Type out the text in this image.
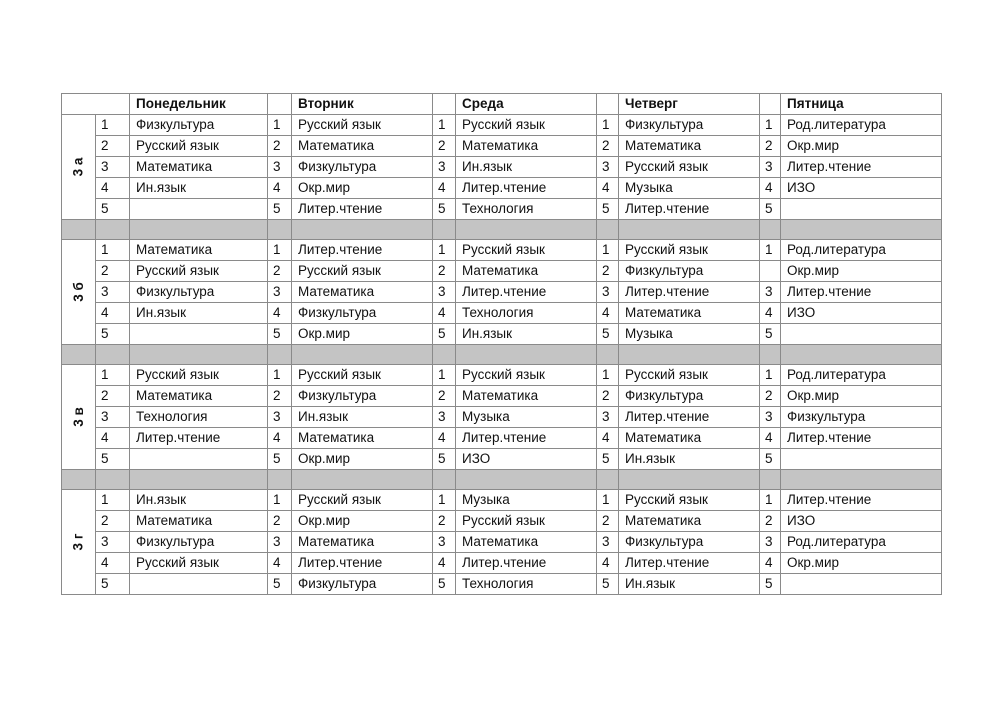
		Понедельник		Вторник		Среда		Четверг		Пятница
3 а	1	Физкультура	1	Русский язык	1	Русский язык	1	Физкультура	1	Род.литература
	2	Русский язык	2	Математика	2	Математика	2	Математика	2	Окр.мир
	3	Математика	3	Физкультура	3	Ин.язык	3	Русский язык	3	Литер.чтение
	4	Ин.язык	4	Окр.мир	4	Литер.чтение	4	Музыка	4	ИЗО
	5		5	Литер.чтение	5	Технология	5	Литер.чтение	5	

3 б	1	Математика	1	Литер.чтение	1	Русский язык	1	Русский язык	1	Род.литература
	2	Русский язык	2	Русский язык	2	Математика	2	Физкультура		Окр.мир
	3	Физкультура	3	Математика	3	Литер.чтение	3	Литер.чтение	3	Литер.чтение
	4	Ин.язык	4	Физкультура	4	Технология	4	Математика	4	ИЗО
	5		5	Окр.мир	5	Ин.язык	5	Музыка	5	

3 в	1	Русский язык	1	Русский язык	1	Русский язык	1	Русский язык	1	Род.литература
	2	Математика	2	Физкультура	2	Математика	2	Физкультура	2	Окр.мир
	3	Технология	3	Ин.язык	3	Музыка	3	Литер.чтение	3	Физкультура
	4	Литер.чтение	4	Математика	4	Литер.чтение	4	Математика	4	Литер.чтение
	5		5	Окр.мир	5	ИЗО	5	Ин.язык	5	

3 г	1	Ин.язык	1	Русский язык	1	Музыка	1	Русский язык	1	Литер.чтение
	2	Математика	2	Окр.мир	2	Русский язык	2	Математика	2	ИЗО
	3	Физкультура	3	Математика	3	Математика	3	Физкультура	3	Род.литература
	4	Русский язык	4	Литер.чтение	4	Литер.чтение	4	Литер.чтение	4	Окр.мир
	5		5	Физкультура	5	Технология	5	Ин.язык	5	
